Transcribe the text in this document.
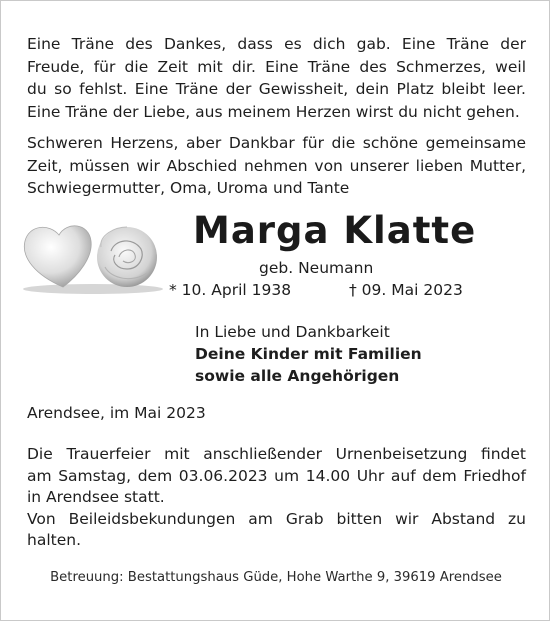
Eine Träne des Dankes, dass es dich gab. Eine Träne der
Freude, für die Zeit mit dir. Eine Träne des Schmerzes, weil
du so fehlst. Eine Träne der Gewissheit, dein Platz bleibt leer.
Eine Träne der Liebe, aus meinem Herzen wirst du nicht gehen.
Schweren Herzens, aber Dankbar für die schöne gemeinsame
Zeit, müssen wir Abschied nehmen von unserer lieben Mutter,
Schwiegermutter, Oma, Uroma und Tante
Marga Klatte
geb. Neumann
* 10. April 1938	† 09. Mai 2023
In Liebe und Dankbarkeit
Deine Kinder mit Familien
sowie alle Angehörigen
Arendsee, im Mai 2023
Die Trauerfeier mit anschließender Urnenbeisetzung findet
am Samstag, dem 03.06.2023 um 14.00 Uhr auf dem Friedhof
in Arendsee statt.
Von Beileidsbekundungen am Grab bitten wir Abstand zu
halten.
Betreuung: Bestattungshaus Güde, Hohe Warthe 9, 39619 Arendsee
